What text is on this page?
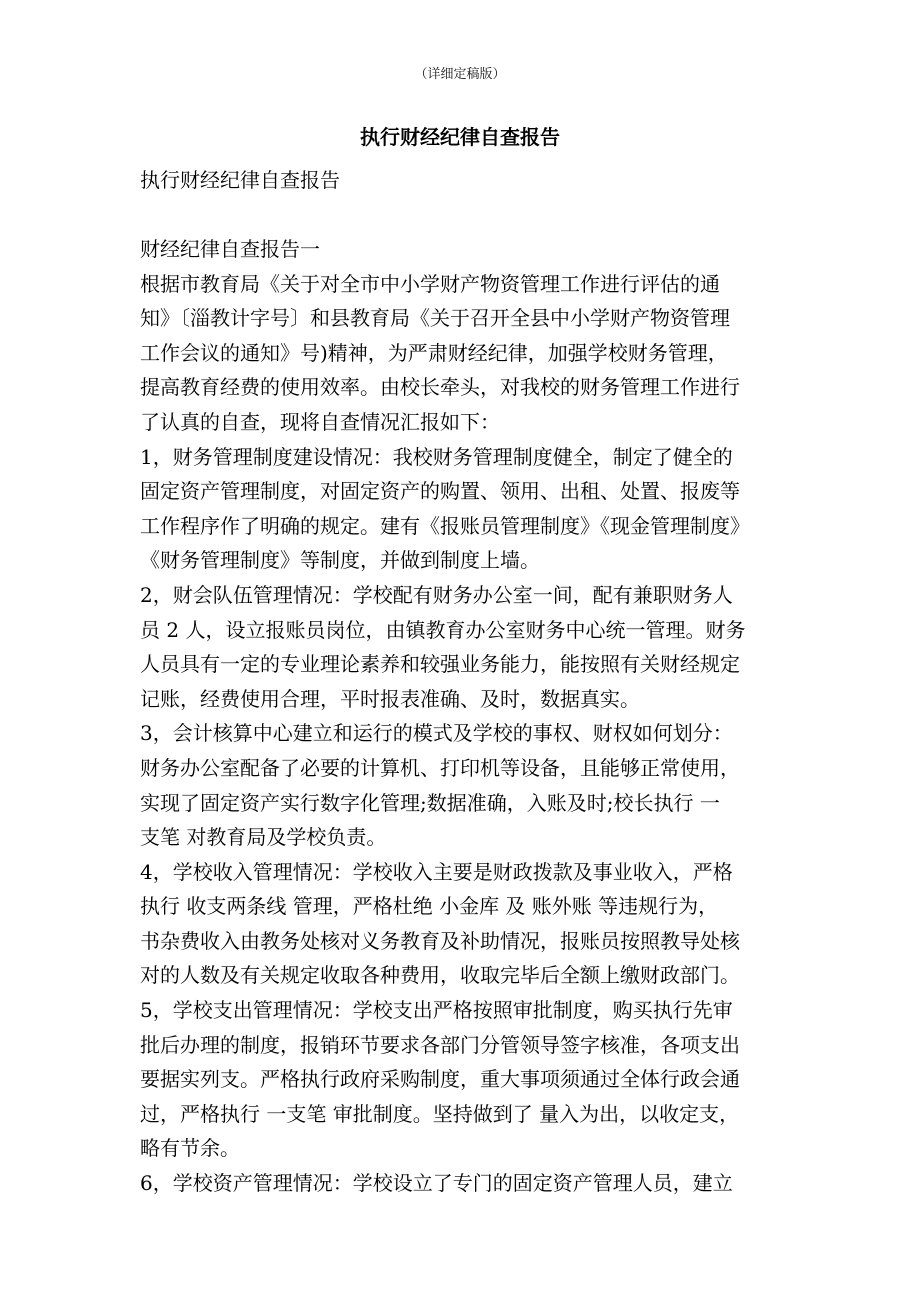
（详细定稿版）
执行财经纪律自查报告
执行财经纪律自查报告
财经纪律自查报告一
根据市教育局《关于对全市中小学财产物资管理工作进行评估的通
知》〔淄教计字号〕和县教育局《关于召开全县中小学财产物资管理
工作会议的通知》号)精神，为严肃财经纪律，加强学校财务管理，
提高教育经费的使用效率。由校长牵头，对我校的财务管理工作进行
了认真的自查，现将自查情况汇报如下：
1，财务管理制度建设情况：我校财务管理制度健全，制定了健全的
固定资产管理制度，对固定资产的购置、领用、出租、处置、报废等
工作程序作了明确的规定。建有《报账员管理制度》《现金管理制度》
《财务管理制度》等制度，并做到制度上墙。
2，财会队伍管理情况：学校配有财务办公室一间，配有兼职财务人
员 2 人，设立报账员岗位，由镇教育办公室财务中心统一管理。财务
人员具有一定的专业理论素养和较强业务能力，能按照有关财经规定
记账，经费使用合理，平时报表准确、及时，数据真实。
3，会计核算中心建立和运行的模式及学校的事权、财权如何划分：
财务办公室配备了必要的计算机、打印机等设备，且能够正常使用，
实现了固定资产实行数字化管理;数据准确，入账及时;校长执行 一
支笔 对教育局及学校负责。
4，学校收入管理情况：学校收入主要是财政拨款及事业收入，严格
执行 收支两条线 管理，严格杜绝 小金库 及 账外账 等违规行为，
书杂费收入由教务处核对义务教育及补助情况，报账员按照教导处核
对的人数及有关规定收取各种费用，收取完毕后全额上缴财政部门。
5，学校支出管理情况：学校支出严格按照审批制度，购买执行先审
批后办理的制度，报销环节要求各部门分管领导签字核准，各项支出
要据实列支。严格执行政府采购制度，重大事项须通过全体行政会通
过，严格执行 一支笔 审批制度。坚持做到了 量入为出，以收定支，
略有节余。
6，学校资产管理情况：学校设立了专门的固定资产管理人员，建立
